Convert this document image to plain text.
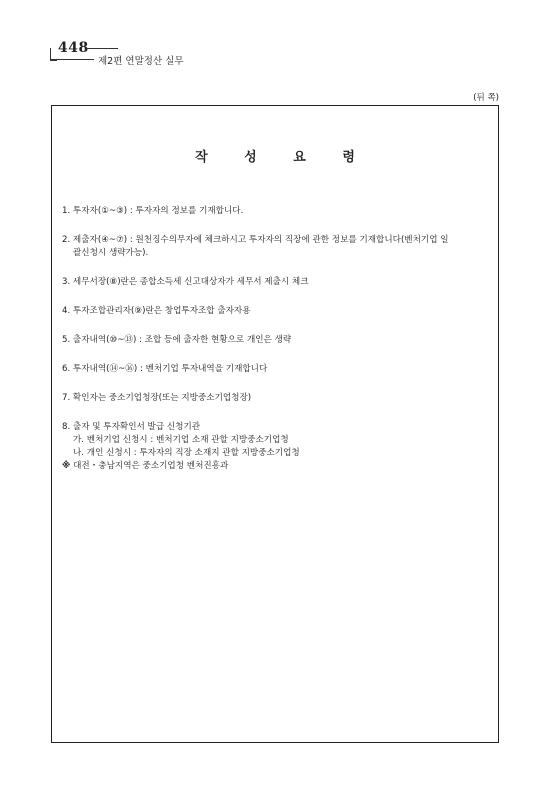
448
제2편 연말정산 실무
(뒤 쪽)
작 성 요 령

1. 투자자(①~③) : 투자자의 정보를 기재합니다.

2. 제출자(④~⑦) : 원천징수의무자에 체크하시고 투자자의 직장에 관한 정보를 기재합니다(벤처기업 일

괄신청시 생략가능).

3. 세무서장(⑧)란은 종합소득세 신고대상자가 세무서 제출시 체크

4. 투자조합관리자(⑨)란은 창업투자조합 출자자용

5. 출자내역(⑩~⑬) : 조합 등에 출자한 현황으로 개인은 생략

6. 투자내역(⑭~⑯) : 벤처기업 투자내역을 기재합니다

7. 확인자는 중소기업청장(또는 지방중소기업청장)

8. 출자 및 투자확인서 발급 신청기관

가. 벤처기업 신청시 : 벤처기업 소재 관할 지방중소기업청

나. 개인 신청시 : 투자자의 직장 소재지 관할 지방중소기업청

※ 대전・충남지역은 중소기업청 벤처진흥과
